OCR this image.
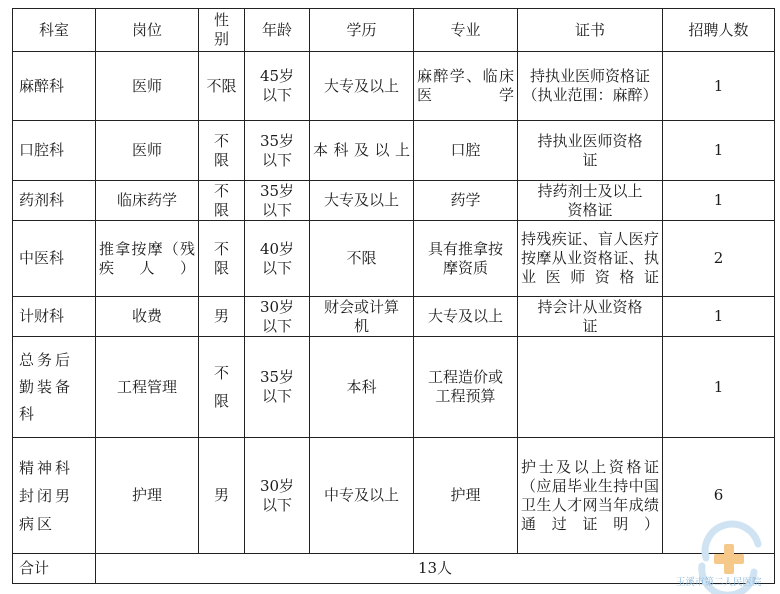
科室	岗位	性别	年龄	学历	专业	证书	招聘人数
麻醉科	医师	不限	45岁以下	大专及以上	麻醉学、临床医学	持执业医师资格证（执业范围：麻醉）	1
口腔科	医师	不限	35岁以下	本科及以上	口腔	持执业医师资格证	1
药剂科	临床药学	不限	35岁以下	大专及以上	药学	持药剂士及以上资格证	1
中医科	推拿按摩（残疾人）	不限	40岁以下	不限	具有推拿按摩资质	持残疾证、盲人医疗按摩从业资格证、执业医师资格证	2
计财科	收费	男	30岁以下	财会或计算机	大专及以上	持会计从业资格证	1

总务后勤装备科	工程管理	不限	35岁以下	本科	工程造价或工程预算		1

精神科封闭男病区	护理	男	30岁以下	中专及以上	护理	护士及以上资格证（应届毕业生持中国卫生人才网当年成绩通过证明）	6
合计	13人						
玉溪市第二人民医院
